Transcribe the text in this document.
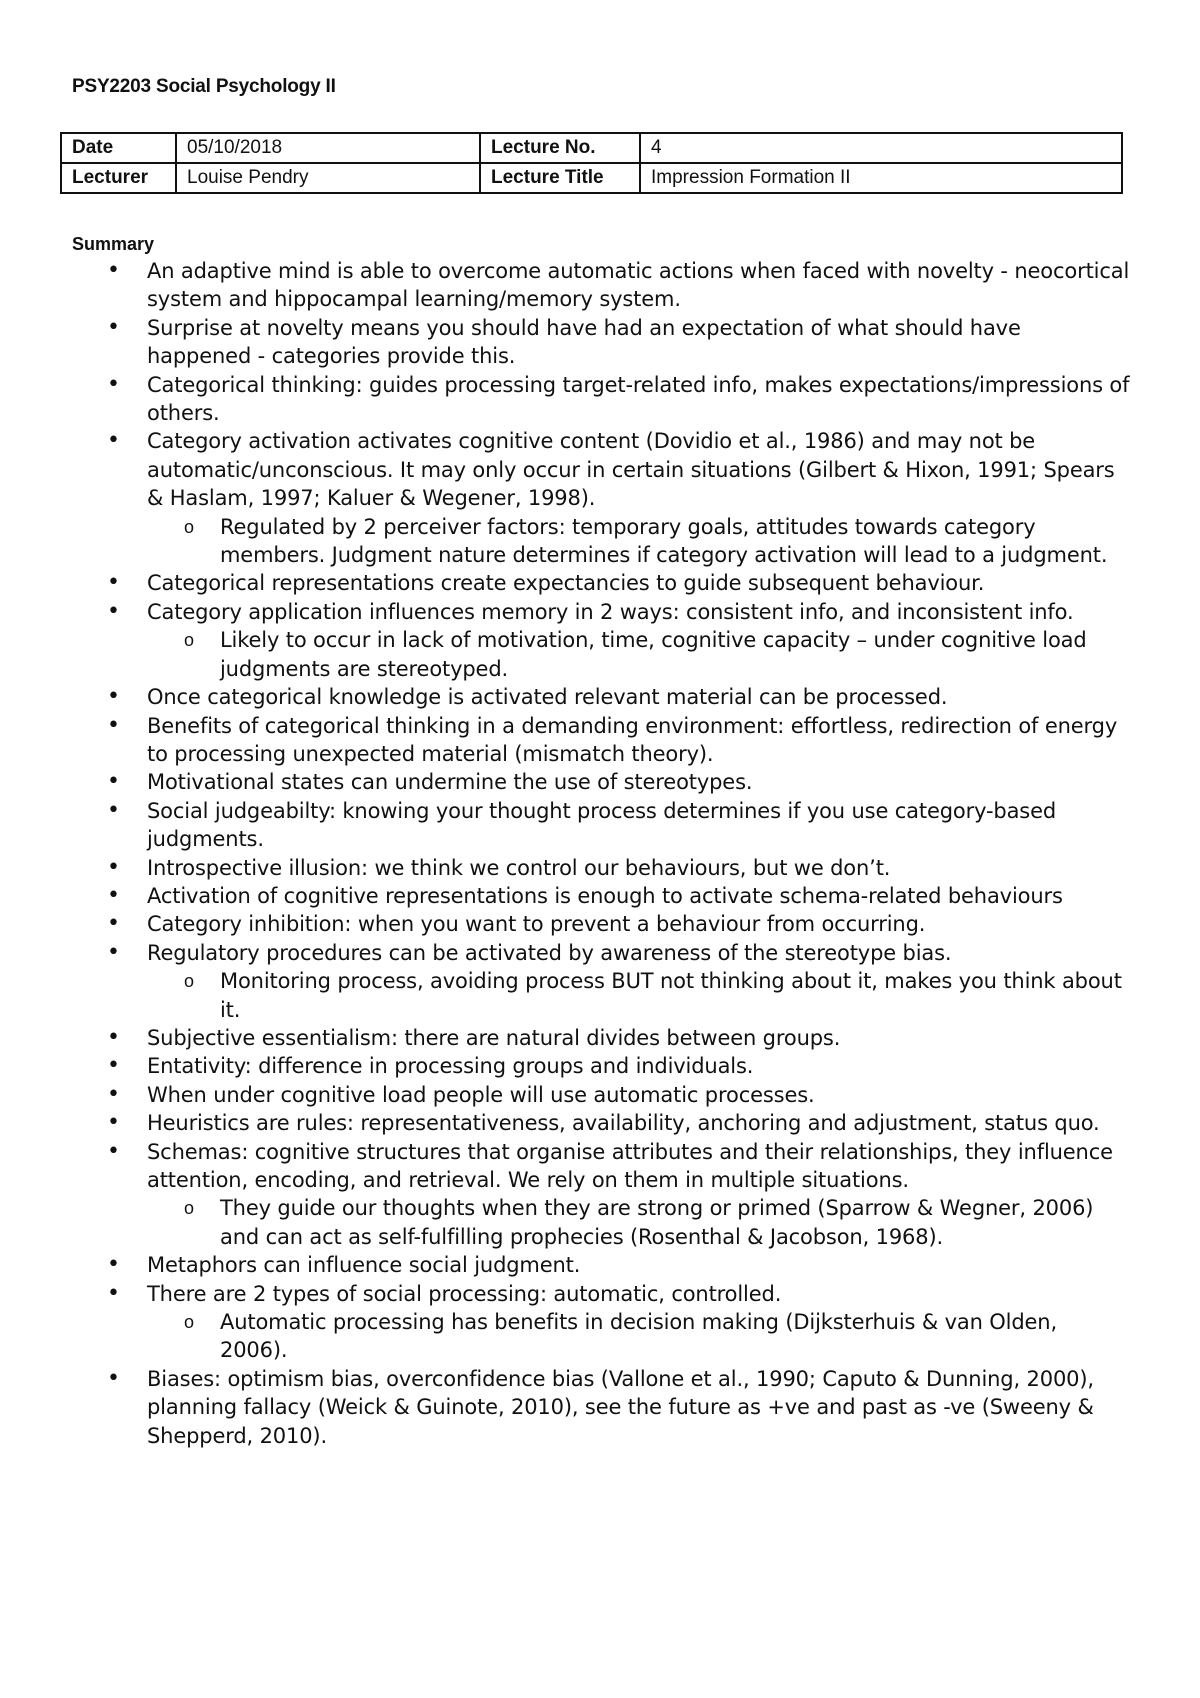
PSY2203 Social Psychology II
Date	05/10/2018	Lecture No.	4
Lecturer	Louise Pendry	Lecture Title	Impression Formation II
Summary
• An adaptive mind is able to overcome automatic actions when faced with novelty - neocortical system and hippocampal learning/memory system.
• Surprise at novelty means you should have had an expectation of what should have happened - categories provide this.
• Categorical thinking: guides processing target-related info, makes expectations/impressions of others.
• Category activation activates cognitive content (Dovidio et al., 1986) and may not be automatic/unconscious. It may only occur in certain situations (Gilbert & Hixon, 1991; Spears & Haslam, 1997; Kaluer & Wegener, 1998).
o Regulated by 2 perceiver factors: temporary goals, attitudes towards category members. Judgment nature determines if category activation will lead to a judgment.
• Categorical representations create expectancies to guide subsequent behaviour.
• Category application influences memory in 2 ways: consistent info, and inconsistent info.
o Likely to occur in lack of motivation, time, cognitive capacity – under cognitive load judgments are stereotyped.
• Once categorical knowledge is activated relevant material can be processed.
• Benefits of categorical thinking in a demanding environment: effortless, redirection of energy to processing unexpected material (mismatch theory).
• Motivational states can undermine the use of stereotypes.
• Social judgeabilty: knowing your thought process determines if you use category-based judgments.
• Introspective illusion: we think we control our behaviours, but we don’t.
• Activation of cognitive representations is enough to activate schema-related behaviours
• Category inhibition: when you want to prevent a behaviour from occurring.
• Regulatory procedures can be activated by awareness of the stereotype bias.
o Monitoring process, avoiding process BUT not thinking about it, makes you think about it.
• Subjective essentialism: there are natural divides between groups.
• Entativity: difference in processing groups and individuals.
• When under cognitive load people will use automatic processes.
• Heuristics are rules: representativeness, availability, anchoring and adjustment, status quo.
• Schemas: cognitive structures that organise attributes and their relationships, they influence attention, encoding, and retrieval. We rely on them in multiple situations.
o They guide our thoughts when they are strong or primed (Sparrow & Wegner, 2006) and can act as self-fulfilling prophecies (Rosenthal & Jacobson, 1968).
• Metaphors can influence social judgment.
• There are 2 types of social processing: automatic, controlled.
o Automatic processing has benefits in decision making (Dijksterhuis & van Olden, 2006).
• Biases: optimism bias, overconfidence bias (Vallone et al., 1990; Caputo & Dunning, 2000), planning fallacy (Weick & Guinote, 2010), see the future as +ve and past as -ve (Sweeny & Shepperd, 2010).
